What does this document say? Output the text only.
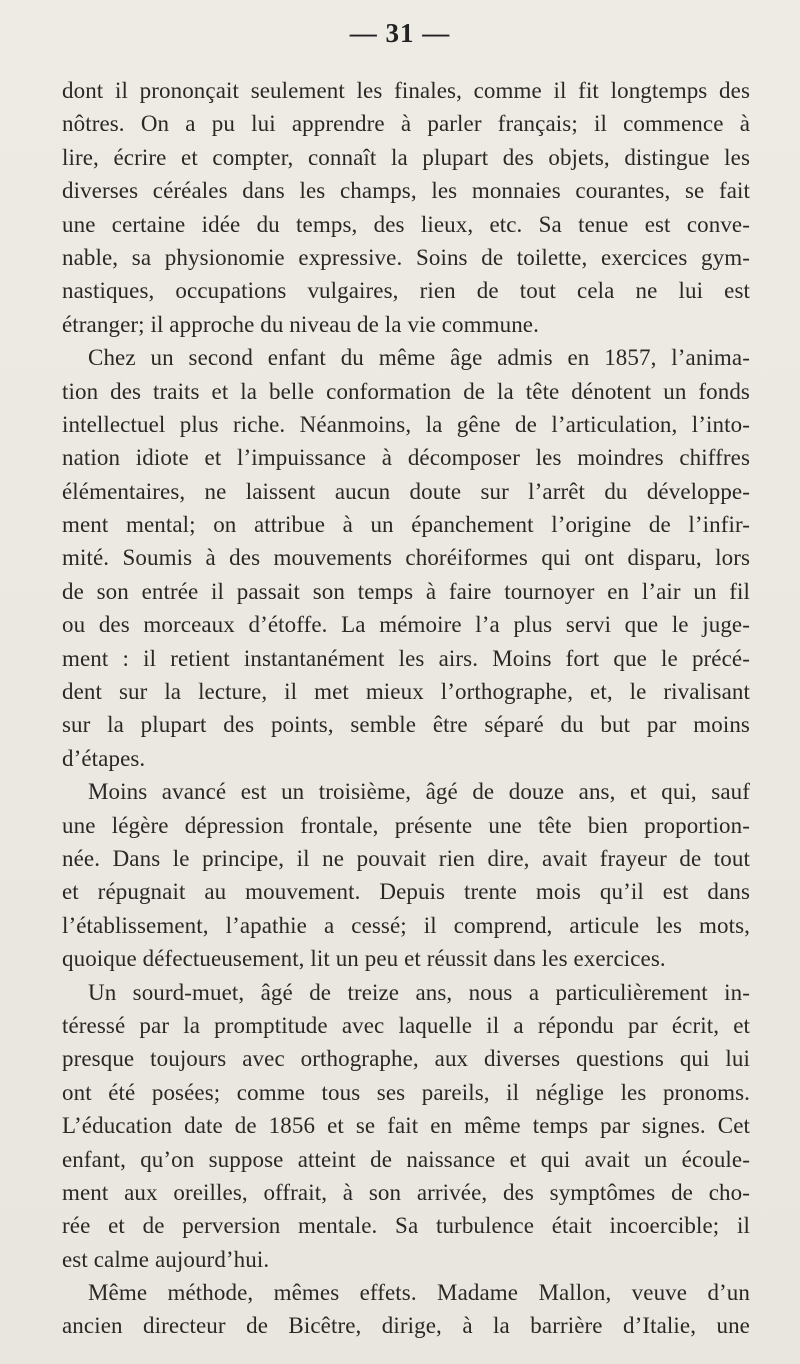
— 31 —
dont il prononçait seulement les finales, comme il fit longtemps des
nôtres. On a pu lui apprendre à parler français; il commence à
lire, écrire et compter, connaît la plupart des objets, distingue les
diverses céréales dans les champs, les monnaies courantes, se fait
une certaine idée du temps, des lieux, etc. Sa tenue est conve-
nable, sa physionomie expressive. Soins de toilette, exercices gym-
nastiques, occupations vulgaires, rien de tout cela ne lui est
étranger; il approche du niveau de la vie commune.
Chez un second enfant du même âge admis en 1857, l’anima-
tion des traits et la belle conformation de la tête dénotent un fonds
intellectuel plus riche. Néanmoins, la gêne de l’articulation, l’into-
nation idiote et l’impuissance à décomposer les moindres chiffres
élémentaires, ne laissent aucun doute sur l’arrêt du développe-
ment mental; on attribue à un épanchement l’origine de l’infir-
mité. Soumis à des mouvements choréiformes qui ont disparu, lors
de son entrée il passait son temps à faire tournoyer en l’air un fil
ou des morceaux d’étoffe. La mémoire l’a plus servi que le juge-
ment : il retient instantanément les airs. Moins fort que le précé-
dent sur la lecture, il met mieux l’orthographe, et, le rivalisant
sur la plupart des points, semble être séparé du but par moins
d’étapes.
Moins avancé est un troisième, âgé de douze ans, et qui, sauf
une légère dépression frontale, présente une tête bien proportion-
née. Dans le principe, il ne pouvait rien dire, avait frayeur de tout
et répugnait au mouvement. Depuis trente mois qu’il est dans
l’établissement, l’apathie a cessé; il comprend, articule les mots,
quoique défectueusement, lit un peu et réussit dans les exercices.
Un sourd-muet, âgé de treize ans, nous a particulièrement in-
téressé par la promptitude avec laquelle il a répondu par écrit, et
presque toujours avec orthographe, aux diverses questions qui lui
ont été posées; comme tous ses pareils, il néglige les pronoms.
L’éducation date de 1856 et se fait en même temps par signes. Cet
enfant, qu’on suppose atteint de naissance et qui avait un écoule-
ment aux oreilles, offrait, à son arrivée, des symptômes de cho-
rée et de perversion mentale. Sa turbulence était incoercible; il
est calme aujourd’hui.
Même méthode, mêmes effets. Madame Mallon, veuve d’un
ancien directeur de Bicêtre, dirige, à la barrière d’Italie, une
